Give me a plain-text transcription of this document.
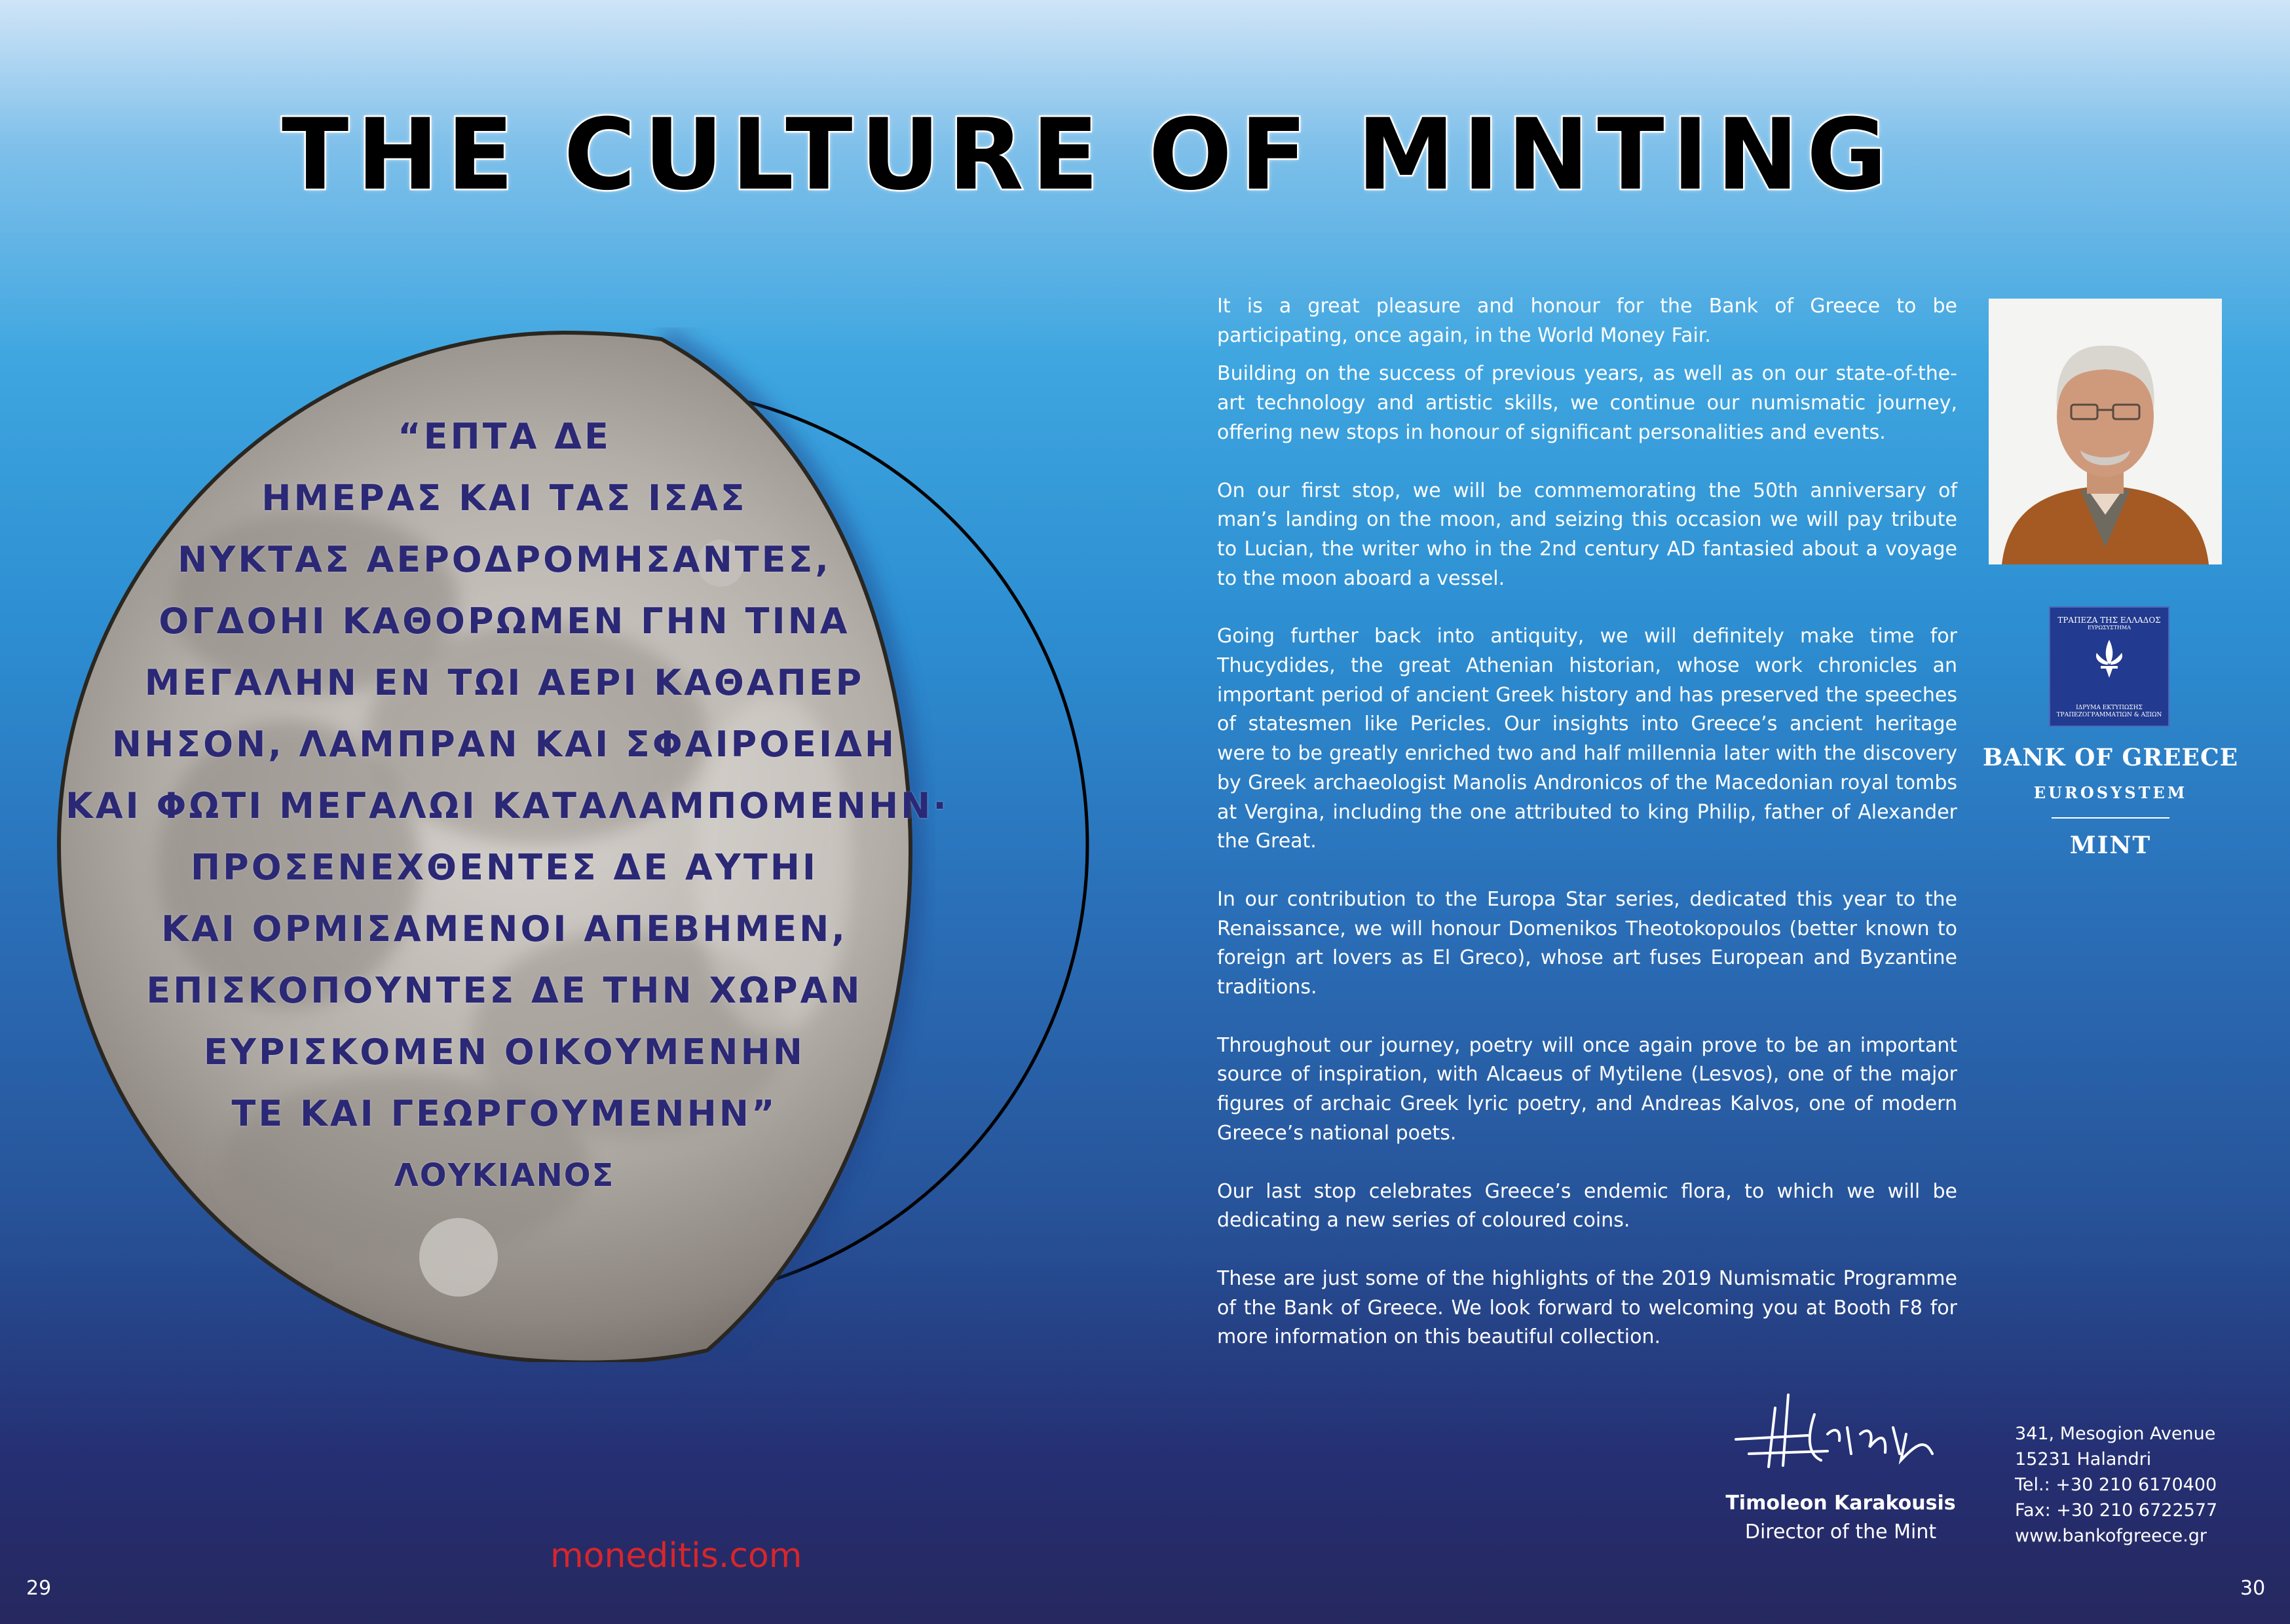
THE CULTURE OF MINTING
“ΕΠΤΑ ΔΕ
ΗΜΕΡΑΣ ΚΑΙ ΤΑΣ ΙΣΑΣ
ΝΥΚΤΑΣ ΑΕΡΟΔΡΟΜΗΣΑΝΤΕΣ,
ΟΓΔΟΗΙ ΚΑΘΟΡΩΜΕΝ ΓΗΝ ΤΙΝΑ
ΜΕΓΑΛΗΝ ΕΝ ΤΩΙ ΑΕΡΙ ΚΑΘΑΠΕΡ
ΝΗΣΟΝ, ΛΑΜΠΡΑΝ ΚΑΙ ΣΦΑΙΡΟΕΙΔΗ
ΚΑΙ ΦΩΤΙ ΜΕΓΑΛΩΙ ΚΑΤΑΛΑΜΠΟΜΕΝΗΝ·
ΠΡΟΣΕΝΕΧΘΕΝΤΕΣ ΔΕ ΑΥΤΗΙ
ΚΑΙ ΟΡΜΙΣΑΜΕΝΟΙ ΑΠΕΒΗΜΕΝ,
ΕΠΙΣΚΟΠΟΥΝΤΕΣ ΔΕ ΤΗΝ ΧΩΡΑΝ
ΕΥΡΙΣΚΟΜΕΝ ΟΙΚΟΥΜΕΝΗΝ
ΤΕ ΚΑΙ ΓΕΩΡΓΟΥΜΕΝΗΝ”
ΛΟΥΚΙΑΝΟΣ

It is a great pleasure and honour for the Bank of Greece to be participating, once again, in the World Money Fair.

Building on the success of previous years, as well as on our state-of-the-art technology and artistic skills, we continue our numismatic journey, offering new stops in honour of significant personalities and events.

On our first stop, we will be commemorating the 50th anniversary of man’s landing on the moon, and seizing this occasion we will pay tribute to Lucian, the writer who in the 2nd century AD fantasied about a voyage to the moon aboard a vessel.

Going further back into antiquity, we will definitely make time for Thucydides, the great Athenian historian, whose work chronicles an important period of ancient Greek history and has preserved the speeches of statesmen like Pericles. Our insights into Greece’s ancient heritage were to be greatly enriched two and half millennia later with the discovery by Greek archaeologist Manolis Andronicos of the Macedonian royal tombs at Vergina, including the one attributed to king Philip, father of Alexander the Great.

In our contribution to the Europa Star series, dedicated this year to the Renaissance, we will honour Domenikos Theotokopoulos (better known to foreign art lovers as El Greco), whose art fuses European and Byzantine traditions.

Throughout our journey, poetry will once again prove to be an important source of inspiration, with Alcaeus of Mytilene (Lesvos), one of the major figures of archaic Greek lyric poetry, and Andreas Kalvos, one of modern Greece’s national poets.

Our last stop celebrates Greece’s endemic flora, to which we will be dedicating a new series of coloured coins.

These are just some of the highlights of the 2019 Numismatic Programme of the Bank of Greece. We look forward to welcoming you at Booth F8 for more information on this beautiful collection.

ΤΡΑΠΕΖΑ ΤΗΣ ΕΛΛΑΔΟΣ
ΕΥΡΩΣΥΣΤΗΜΑ
ΙΔΡΥΜΑ ΕΚΤΥΠΩΣΗΣ ΤΡΑΠΕΖΟΓΡΑΜΜΑΤΙΩΝ & ΑΞΙΩΝ
BANK OF GREECE
EUROSYSTEM
MINT
Timoleon Karakousis
Director of the Mint
341, Mesogion Avenue
15231 Halandri
Tel.: +30 210 6170400
Fax: +30 210 6722577
www.bankofgreece.gr
moneditis.com
29	30
